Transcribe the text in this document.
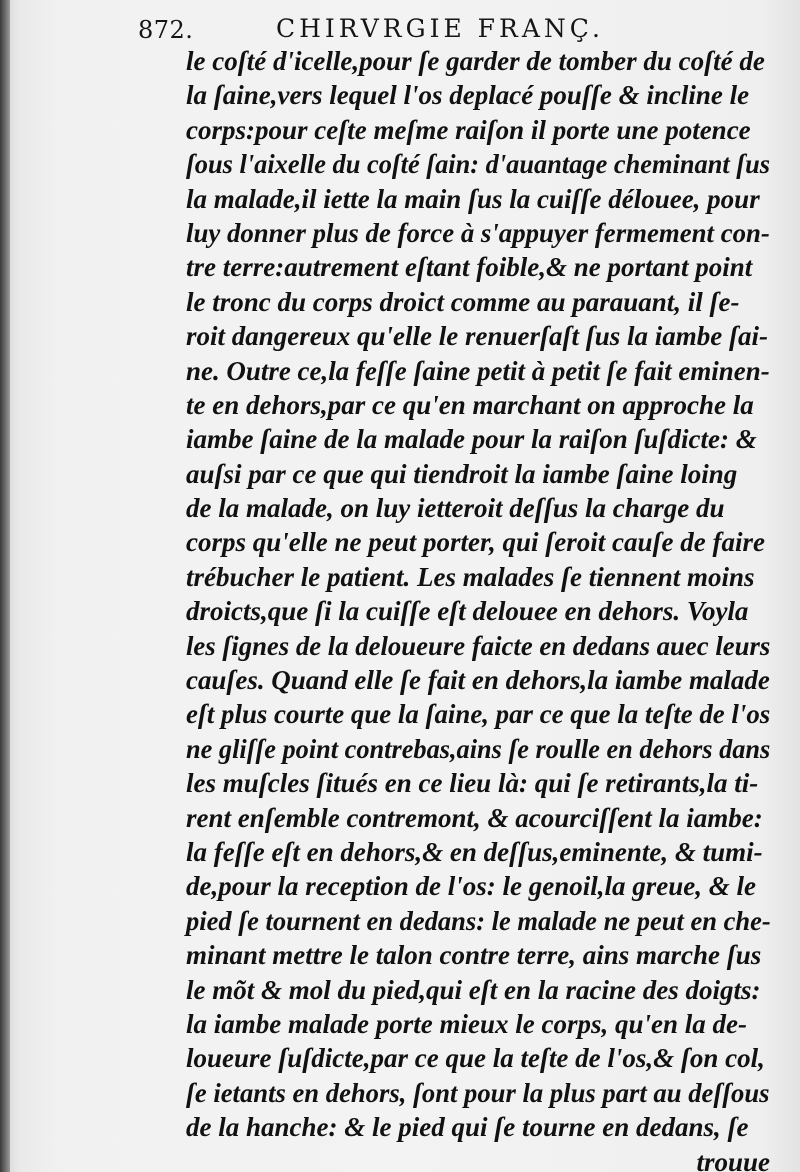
872.	CHIRVRGIE FRANÇ.
le coſté d'icelle,pour ſe garder de tomber du coſté de
la ſaine,vers lequel l'os deplacé pouſſe & incline le
corps:pour ceſte meſme raiſon il porte une potence
ſous l'aixelle du coſté ſain: d'auantage cheminant ſus
la malade,il iette la main ſus la cuiſſe délouee, pour
luy donner plus de force à s'appuyer fermement con-
tre terre:autrement eſtant foible,& ne portant point
le tronc du corps droict comme au parauant, il ſe-
roit dangereux qu'elle le renuerſaſt ſus la iambe ſai-
ne. Outre ce,la feſſe ſaine petit à petit ſe fait eminen-
te en dehors,par ce qu'en marchant on approche la
iambe ſaine de la malade pour la raiſon ſuſdicte: &
auſsi par ce que qui tiendroit la iambe ſaine loing
de la malade, on luy ietteroit deſſus la charge du
corps qu'elle ne peut porter, qui ſeroit cauſe de faire
trébucher le patient. Les malades ſe tiennent moins
droicts,que ſi la cuiſſe eſt delouee en dehors. Voyla
les ſignes de la deloueure faicte en dedans auec leurs
cauſes. Quand elle ſe fait en dehors,la iambe malade
eſt plus courte que la ſaine, par ce que la teſte de l'os
ne gliſſe point contrebas,ains ſe roulle en dehors dans
les muſcles ſitués en ce lieu là: qui ſe retirants,la ti-
rent enſemble contremont, & acourciſſent la iambe:
la feſſe eſt en dehors,& en deſſus,eminente, & tumi-
de,pour la reception de l'os: le genoil,la greue, & le
pied ſe tournent en dedans: le malade ne peut en che-
minant mettre le talon contre terre, ains marche ſus
le mõt & mol du pied,qui eſt en la racine des doigts:
la iambe malade porte mieux le corps, qu'en la de-
loueure ſuſdicte,par ce que la teſte de l'os,& ſon col,
ſe ietants en dehors, ſont pour la plus part au deſſous
de la hanche: & le pied qui ſe tourne en dedans, ſe
trouue
